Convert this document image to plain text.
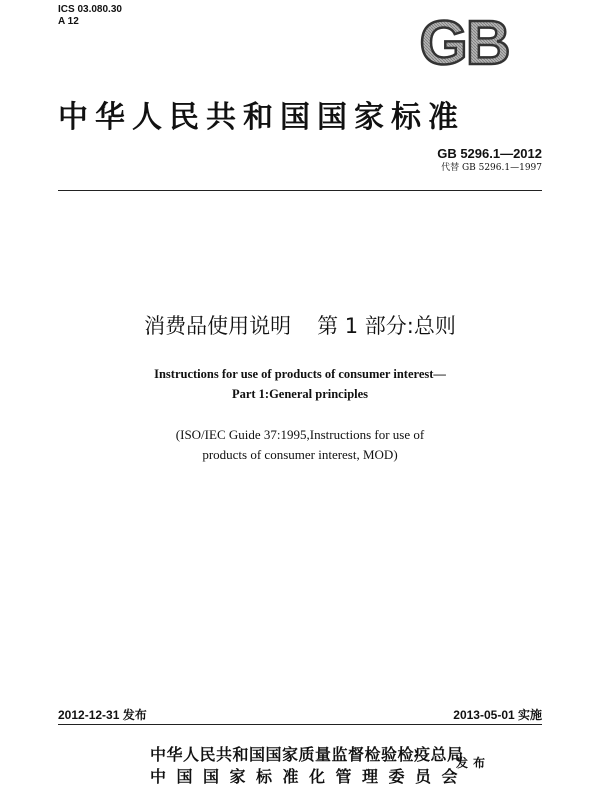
ICS 03.080.30
A 12	GB
中华人民共和国国家标准
GB 5296.1—2012
代替 GB 5296.1—1997
消费品使用说明 第 1 部分:总则
Instructions for use of products of consumer interest—
Part 1:General principles
(ISO/IEC Guide 37:1995,Instructions for use of
products of consumer interest, MOD)
2012-12-31 发布	2013-05-01 实施
中华人民共和国国家质量监督检验检疫总局
中国国家标准化管理委员会
发布
